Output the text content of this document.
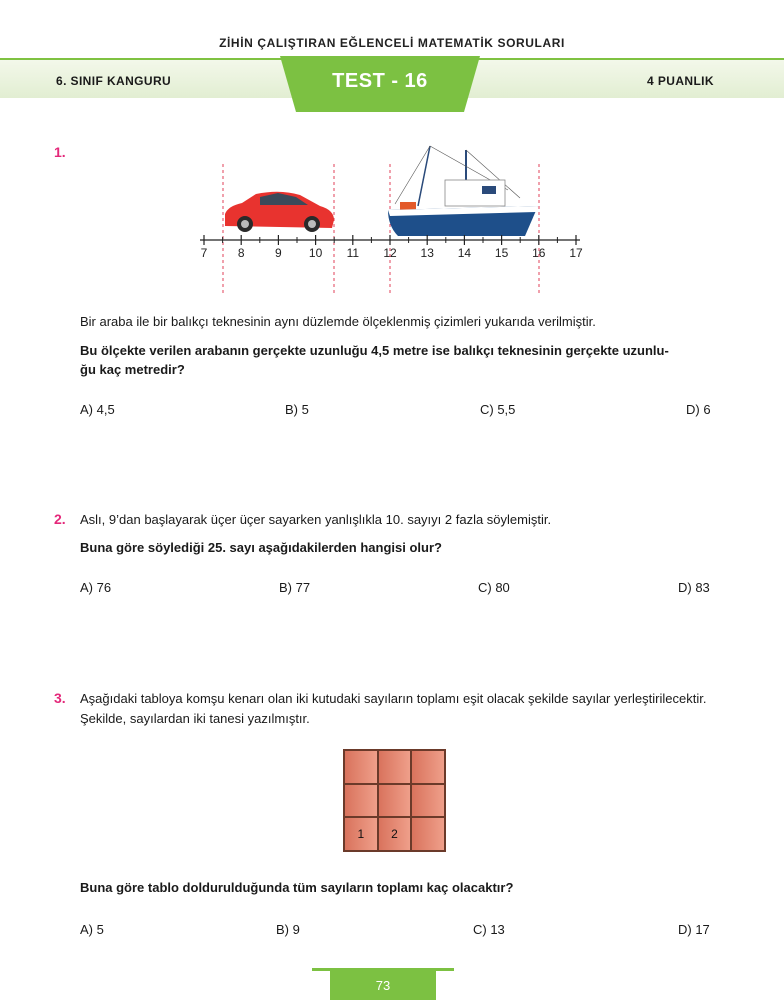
ZİHİN ÇALIŞTIRAN EĞLENCELİ MATEMATİK SORULARI
6. SINIF KANGURU	4 PUANLIK
TEST - 16
1.
7	8	9 10 11 12 13 14 15 16 17
Bir araba ile bir balıkçı teknesinin aynı düzlemde ölçeklenmiş çizimleri yukarıda verilmiştir.
Bu ölçekte verilen arabanın gerçekte uzunluğu 4,5 metre ise balıkçı teknesinin gerçekte uzunlu-
ğu kaç metredir?
A) 4,5	B) 5	C) 5,5	D) 6
2. Aslı, 9’dan başlayarak üçer üçer sayarken yanlışlıkla 10. sayıyı 2 fazla söylemiştir.
Buna göre söylediği 25. sayı aşağıdakilerden hangisi olur?
A) 76	B) 77	C) 80	D) 83
3. Aşağıdaki tabloya komşu kenarı olan iki kutudaki sayıların toplamı eşit olacak şekilde sayılar yerleştirilecektir.
Şekilde, sayılardan iki tanesi yazılmıştır.
1	2
Buna göre tablo doldurulduğunda tüm sayıların toplamı kaç olacaktır?
A) 5	B) 9	C) 13	D) 17
73
